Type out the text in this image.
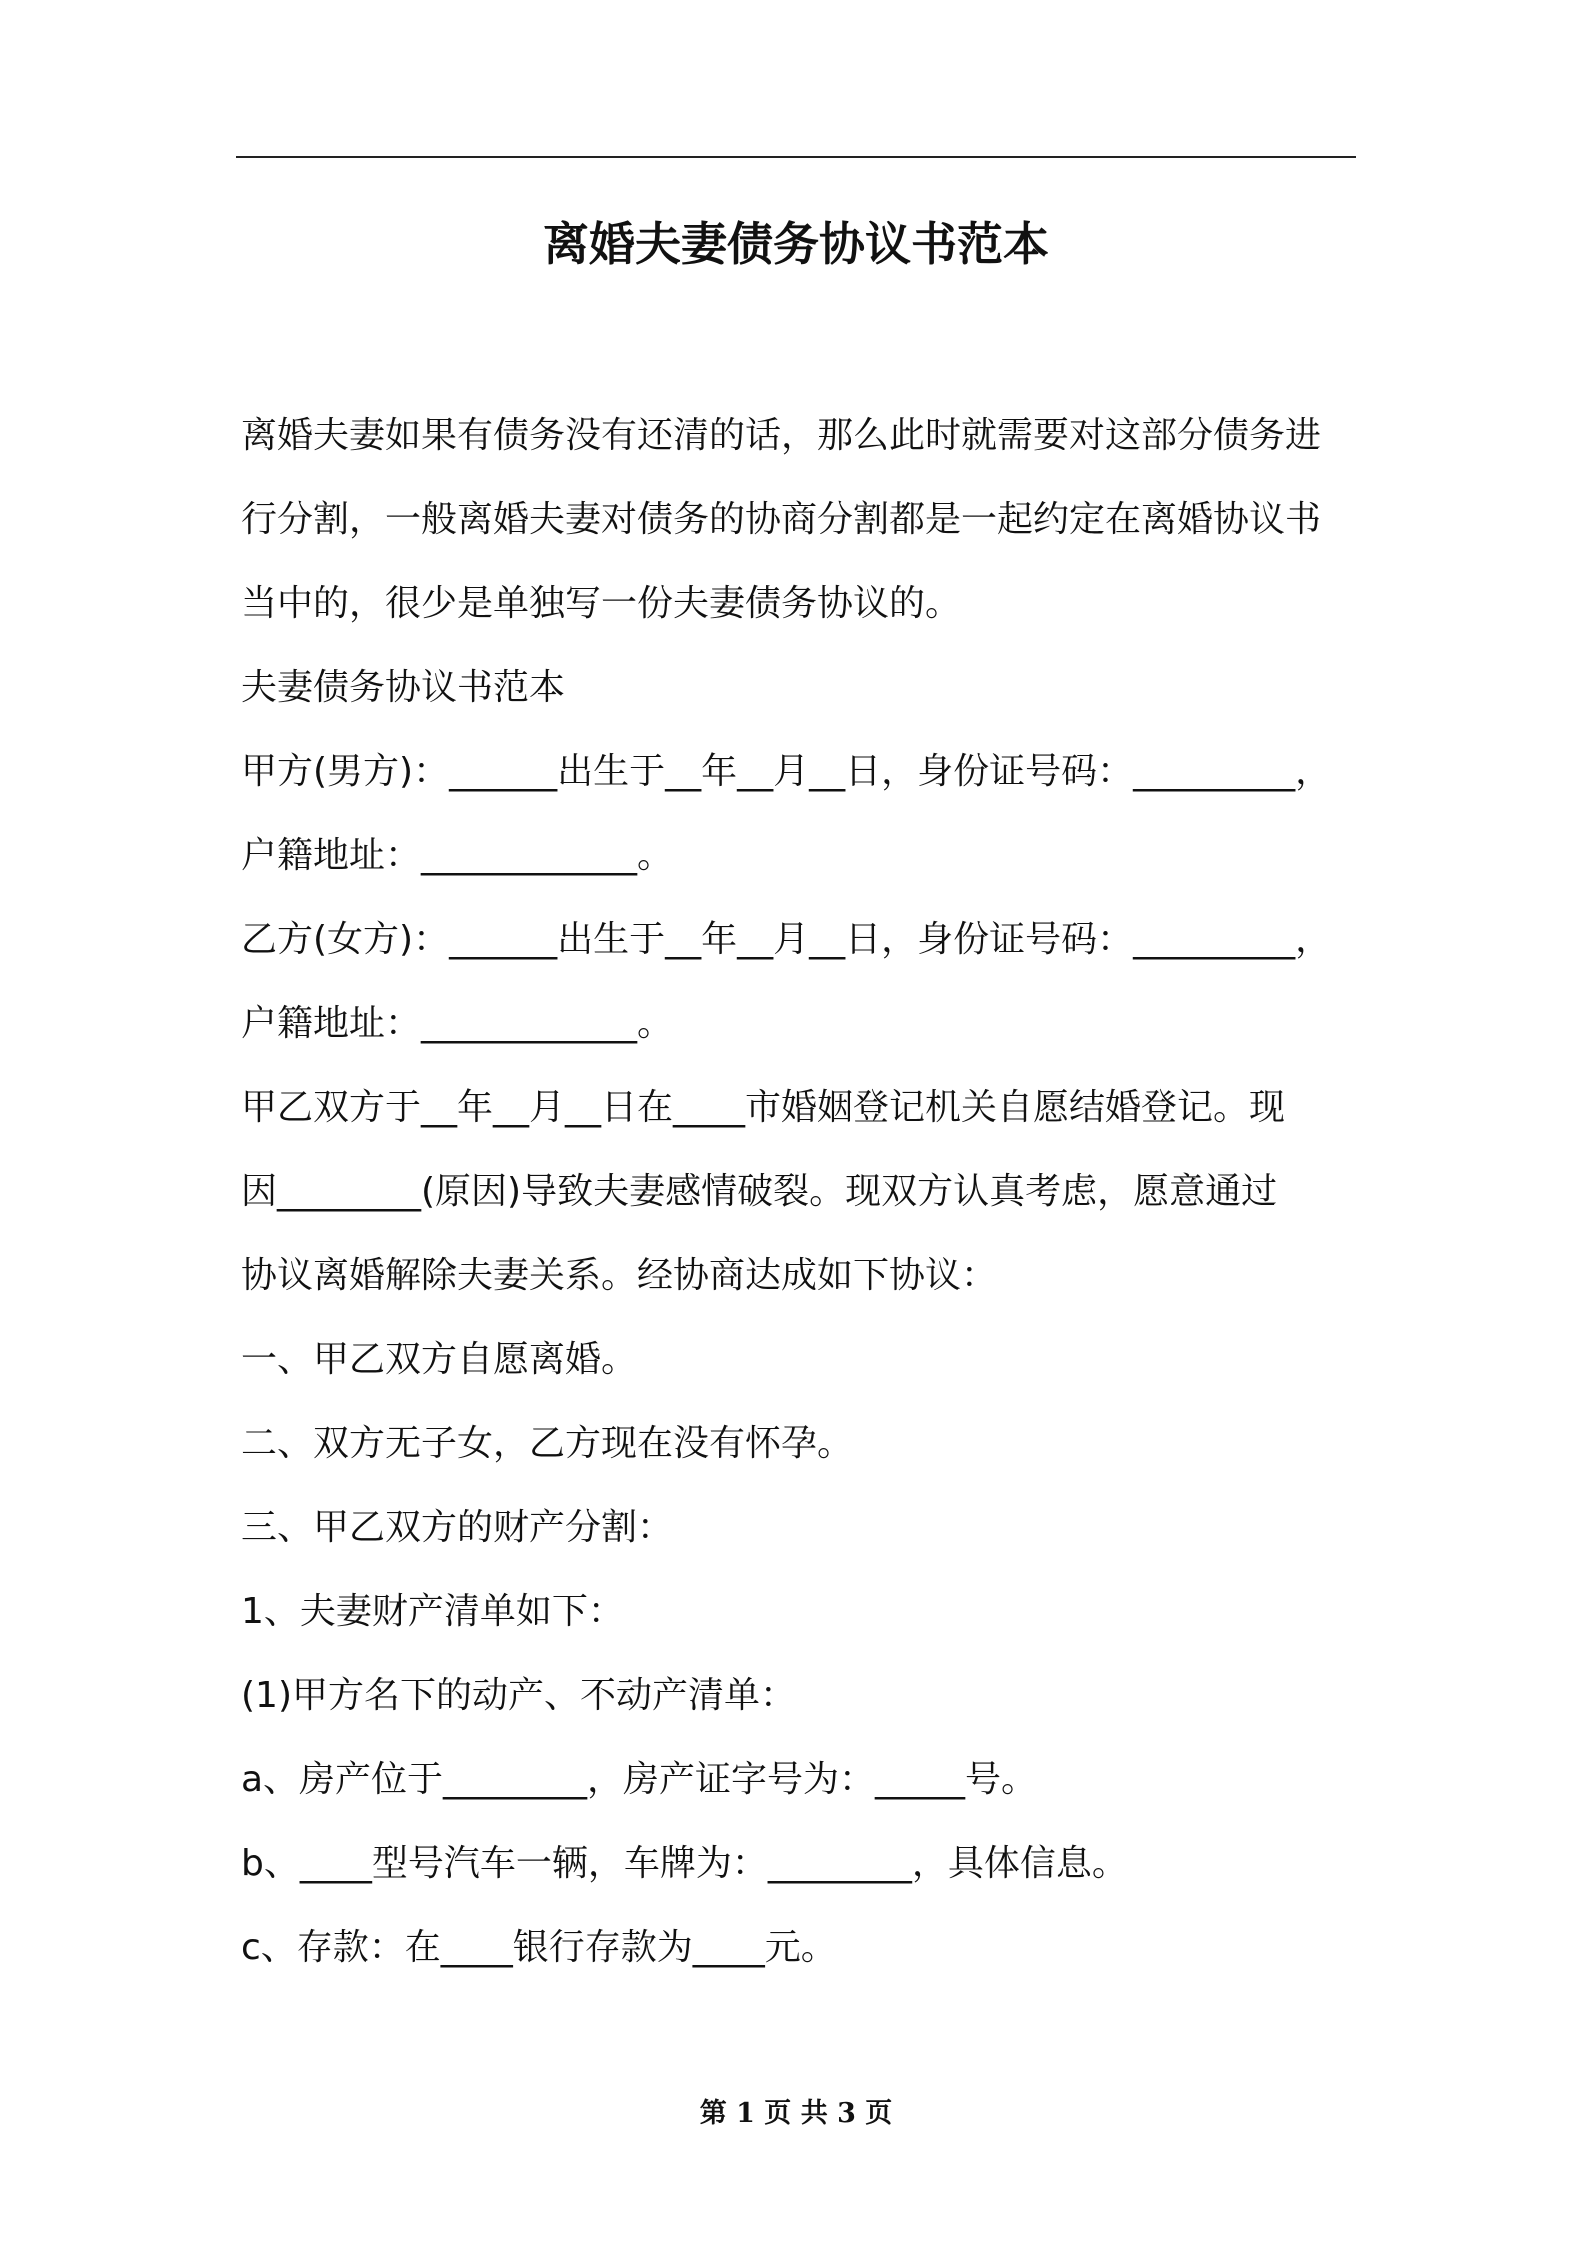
离婚夫妻债务协议书范本
离婚夫妻如果有债务没有还清的话，那么此时就需要对这部分债务进
行分割，一般离婚夫妻对债务的协商分割都是一起约定在离婚协议书
当中的，很少是单独写一份夫妻债务协议的。
夫妻债务协议书范本
甲方(男方)：______出生于__年__月__日，身份证号码：_________，
户籍地址：____________。
乙方(女方)：______出生于__年__月__日，身份证号码：_________，
户籍地址：____________。
甲乙双方于__年__月__日在____市婚姻登记机关自愿结婚登记。现
因________(原因)导致夫妻感情破裂。现双方认真考虑，愿意通过
协议离婚解除夫妻关系。经协商达成如下协议：
一、甲乙双方自愿离婚。
二、双方无子女，乙方现在没有怀孕。
三、甲乙双方的财产分割：
1、夫妻财产清单如下：
(1)甲方名下的动产、不动产清单：
a、房产位于________，房产证字号为：_____号。
b、____型号汽车一辆，车牌为：________，具体信息。
c、存款：在____银行存款为____元。
第 1 页 共 3 页
